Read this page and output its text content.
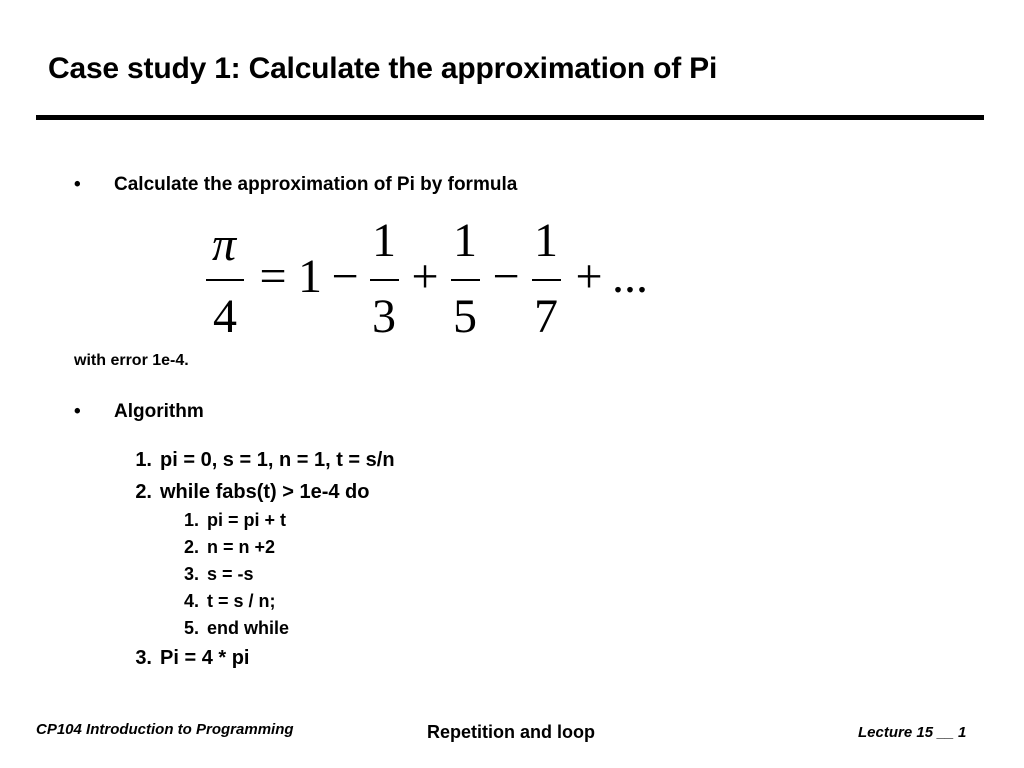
Case study 1: Calculate the approximation of Pi
• Calculate the approximation of Pi by formula
π
4
= 1 −
1
3
+
1
5
−
1
7
+ ...
with error 1e-4.
• Algorithm
1. pi = 0, s = 1, n = 1, t = s/n
2. while fabs(t) > 1e-4 do
1. pi = pi + t
2. n = n +2
3. s = -s
4. t = s / n;
5. end while
3. Pi = 4 * pi
CP104 Introduction to Programming	Repetition and loop	Lecture 15 __ 1
